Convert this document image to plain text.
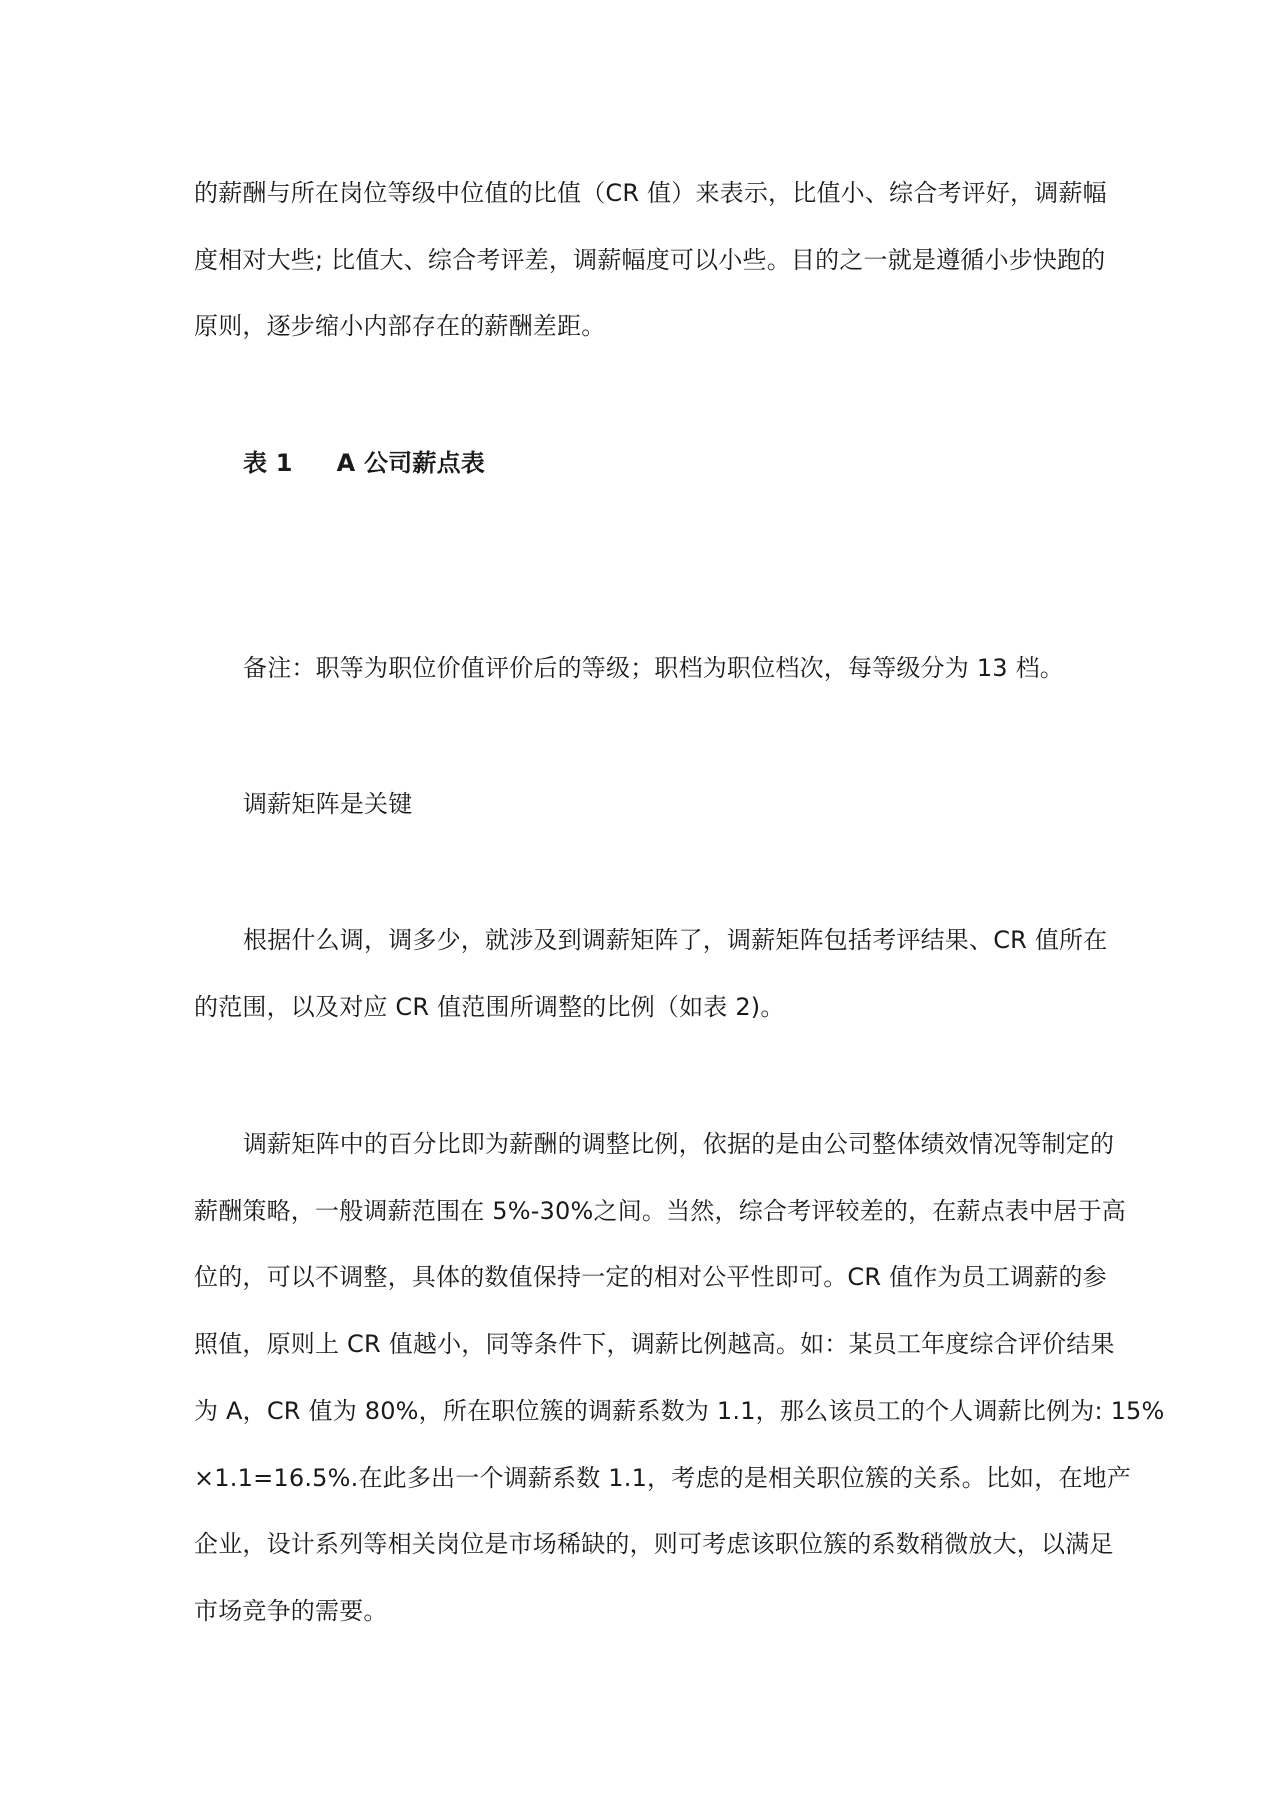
的薪酬与所在岗位等级中位值的比值（CR 值）来表示，比值小、综合考评好，调薪幅
度相对大些; 比值大、综合考评差，调薪幅度可以小些。目的之一就是遵循小步快跑的
原则，逐步缩小内部存在的薪酬差距。
表 1 A 公司薪点表
备注：职等为职位价值评价后的等级；职档为职位档次，每等级分为 13 档。
调薪矩阵是关键
根据什么调，调多少，就涉及到调薪矩阵了，调薪矩阵包括考评结果、CR 值所在
的范围，以及对应 CR 值范围所调整的比例（如表 2)。
调薪矩阵中的百分比即为薪酬的调整比例，依据的是由公司整体绩效情况等制定的
薪酬策略，一般调薪范围在 5%-30%之间。当然，综合考评较差的，在薪点表中居于高
位的，可以不调整，具体的数值保持一定的相对公平性即可。CR 值作为员工调薪的参
照值，原则上 CR 值越小，同等条件下，调薪比例越高。如：某员工年度综合评价结果
为 A，CR 值为 80%，所在职位簇的调薪系数为 1.1，那么该员工的个人调薪比例为: 15%
×1.1=16.5%.在此多出一个调薪系数 1.1，考虑的是相关职位簇的关系。比如，在地产
企业，设计系列等相关岗位是市场稀缺的，则可考虑该职位簇的系数稍微放大，以满足
市场竞争的需要。
